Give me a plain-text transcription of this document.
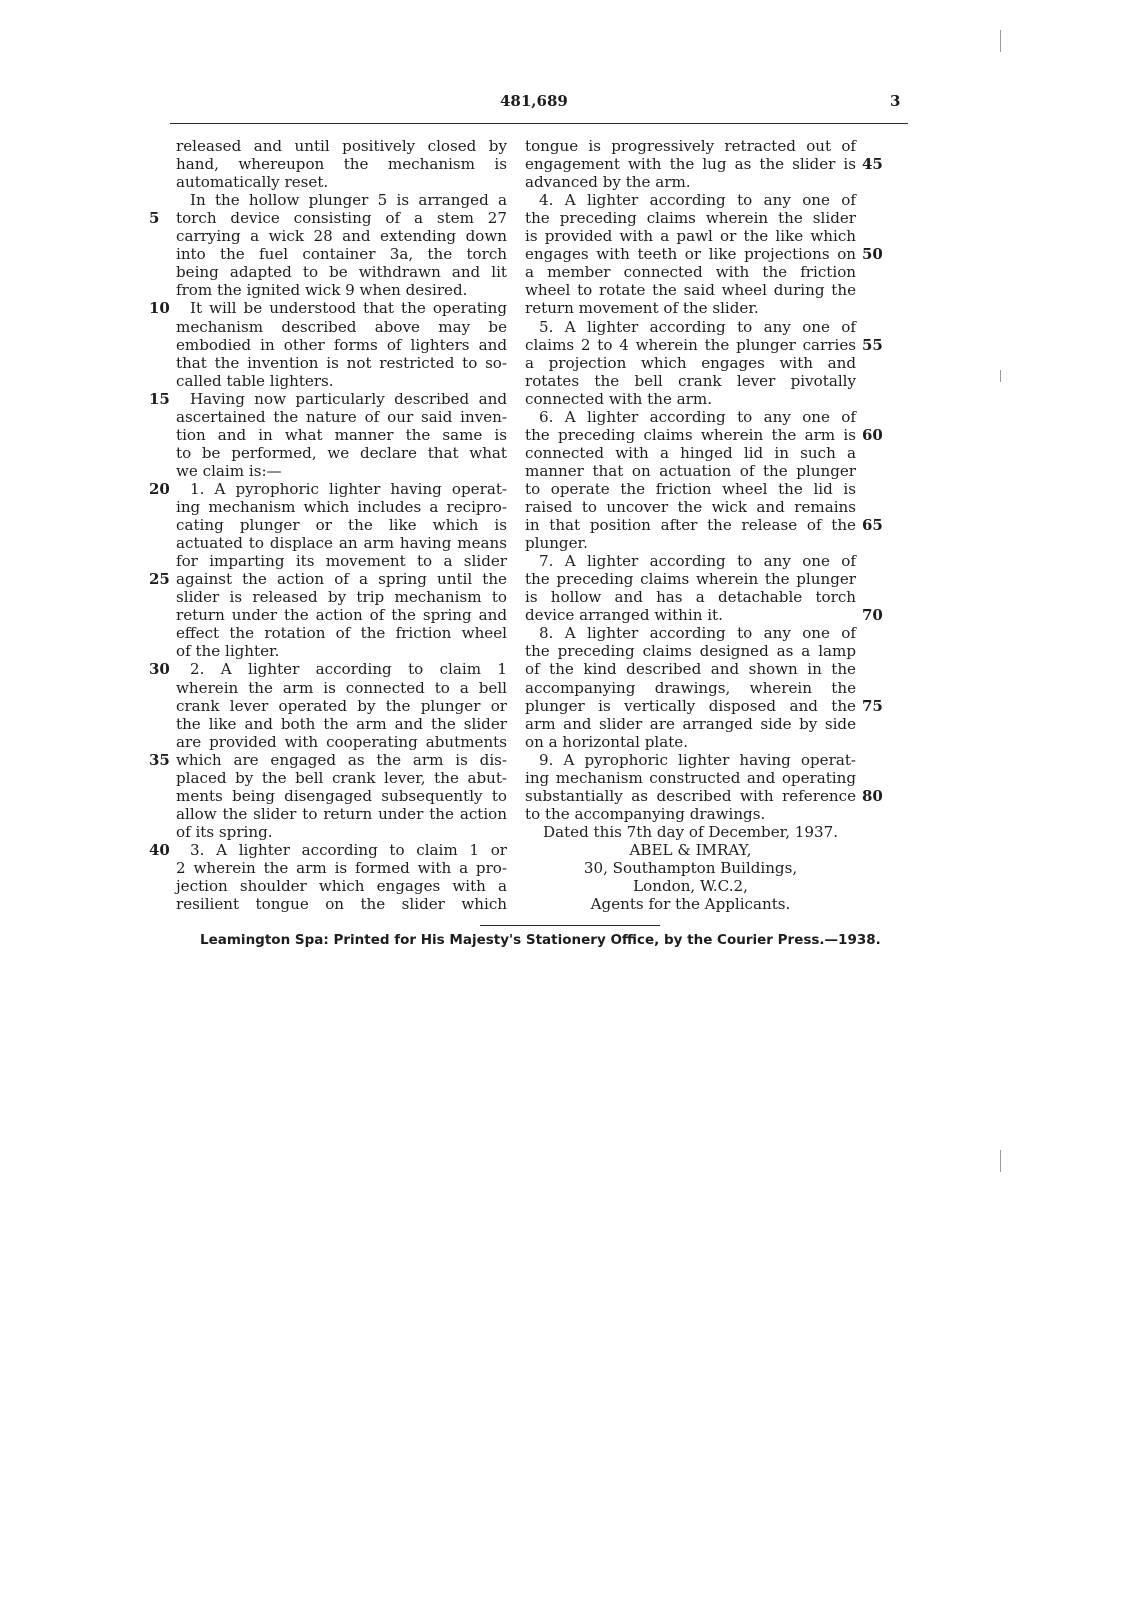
481,689	3
released and until positively closed by
hand, whereupon the mechanism is
automatically reset.
In the hollow plunger 5 is arranged a
torch device consisting of a stem 27
carrying a wick 28 and extending down
into the fuel container 3a, the torch
being adapted to be withdrawn and lit
from the ignited wick 9 when desired.
It will be understood that the operating
mechanism described above may be
embodied in other forms of lighters and
that the invention is not restricted to so-
called table lighters.
Having now particularly described and
ascertained the nature of our said inven-
tion and in what manner the same is
to be performed, we declare that what
we claim is:—
1. A pyrophoric lighter having operat-
ing mechanism which includes a recipro-
cating plunger or the like which is
actuated to displace an arm having means
for imparting its movement to a slider
against the action of a spring until the
slider is released by trip mechanism to
return under the action of the spring and
effect the rotation of the friction wheel
of the lighter.
2. A lighter according to claim 1
wherein the arm is connected to a bell
crank lever operated by the plunger or
the like and both the arm and the slider
are provided with cooperating abutments
which are engaged as the arm is dis-
placed by the bell crank lever, the abut-
ments being disengaged subsequently to
allow the slider to return under the action
of its spring.
3. A lighter according to claim 1 or
2 wherein the arm is formed with a pro-
jection shoulder which engages with a
resilient tongue on the slider which
tongue is progressively retracted out of
engagement with the lug as the slider is
advanced by the arm.
4. A lighter according to any one of
the preceding claims wherein the slider
is provided with a pawl or the like which
engages with teeth or like projections on
a member connected with the friction
wheel to rotate the said wheel during the
return movement of the slider.
5. A lighter according to any one of
claims 2 to 4 wherein the plunger carries
a projection which engages with and
rotates the bell crank lever pivotally
connected with the arm.
6. A lighter according to any one of
the preceding claims wherein the arm is
connected with a hinged lid in such a
manner that on actuation of the plunger
to operate the friction wheel the lid is
raised to uncover the wick and remains
in that position after the release of the
plunger.
7. A lighter according to any one of
the preceding claims wherein the plunger
is hollow and has a detachable torch
device arranged within it.
8. A lighter according to any one of
the preceding claims designed as a lamp
of the kind described and shown in the
accompanying drawings, wherein the
plunger is vertically disposed and the
arm and slider are arranged side by side
on a horizontal plate.
9. A pyrophoric lighter having operat-
ing mechanism constructed and operating
substantially as described with reference
to the accompanying drawings.
Dated this 7th day of December, 1937.
ABEL & IMRAY,
30, Southampton Buildings,
London, W.C.2,
Agents for the Applicants.
Leamington Spa: Printed for His Majesty's Stationery Office, by the Courier Press.—1938.
5
10
15
20
25
30
35
40
45
50
55
60
65
70
75
80
